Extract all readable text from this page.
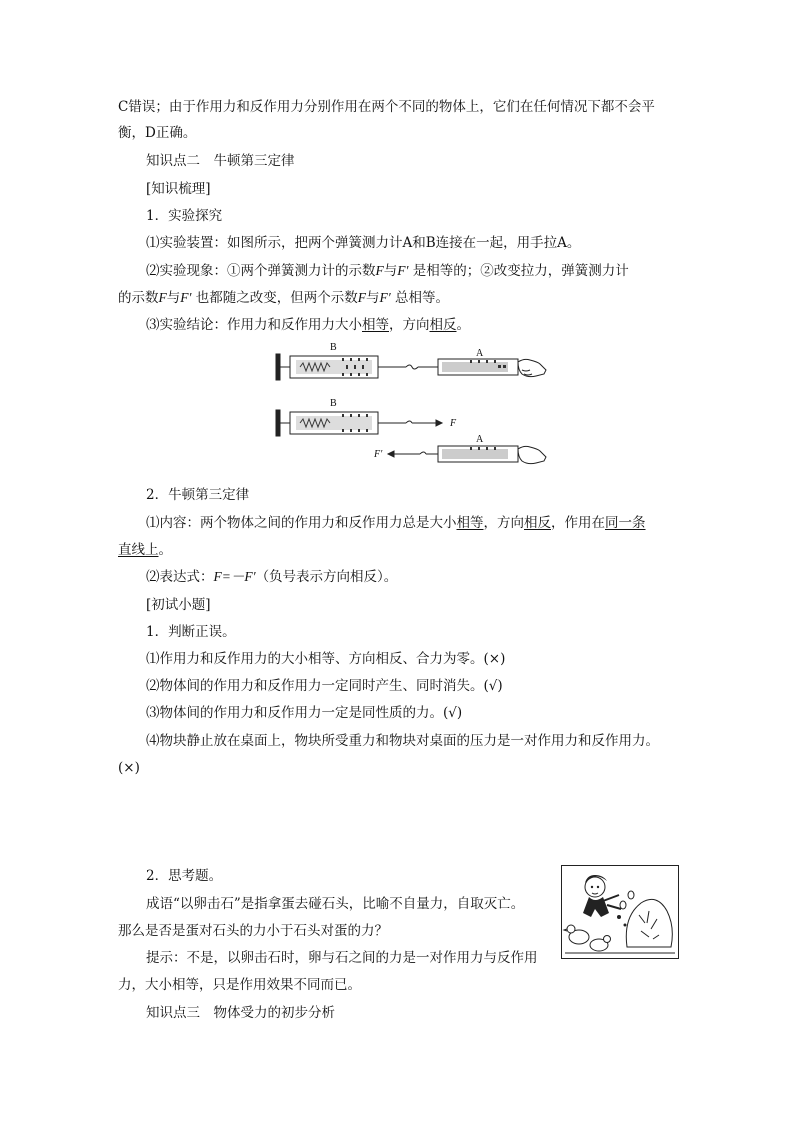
C错误；由于作用力和反作用力分别作用在两个不同的物体上，它们在任何情况下都不会平
衡，D正确。
知识点二　牛顿第三定律
[知识梳理]
1．实验探究
⑴实验装置：如图所示，把两个弹簧测力计A和B连接在一起，用手拉A。
⑵实验现象：①两个弹簧测力计的示数F与F′ 是相等的；②改变拉力，弹簧测力计
的示数F与F′ 也都随之改变，但两个示数F与F′ 总相等。
⑶实验结论：作用力和反作用力大小相等，方向相反。
B
A
B
F
A
F′
2．牛顿第三定律
⑴内容：两个物体之间的作用力和反作用力总是大小相等，方向相反，作用在同一条
直线上。
⑵表达式：F=－F′（负号表示方向相反）。
[初试小题]
1．判断正误。
⑴作用力和反作用力的大小相等、方向相反、合力为零。(×)
⑵物体间的作用力和反作用力一定同时产生、同时消失。(√)
⑶物体间的作用力和反作用力一定是同性质的力。(√)
⑷物块静止放在桌面上，物块所受重力和物块对桌面的压力是一对作用力和反作用力。
(×)
2．思考题。
成语“以卵击石”是指拿蛋去碰石头，比喻不自量力，自取灭亡。
那么是否是蛋对石头的力小于石头对蛋的力？
提示：不是，以卵击石时，卵与石之间的力是一对作用力与反作用
力，大小相等，只是作用效果不同而已。
知识点三　物体受力的初步分析
